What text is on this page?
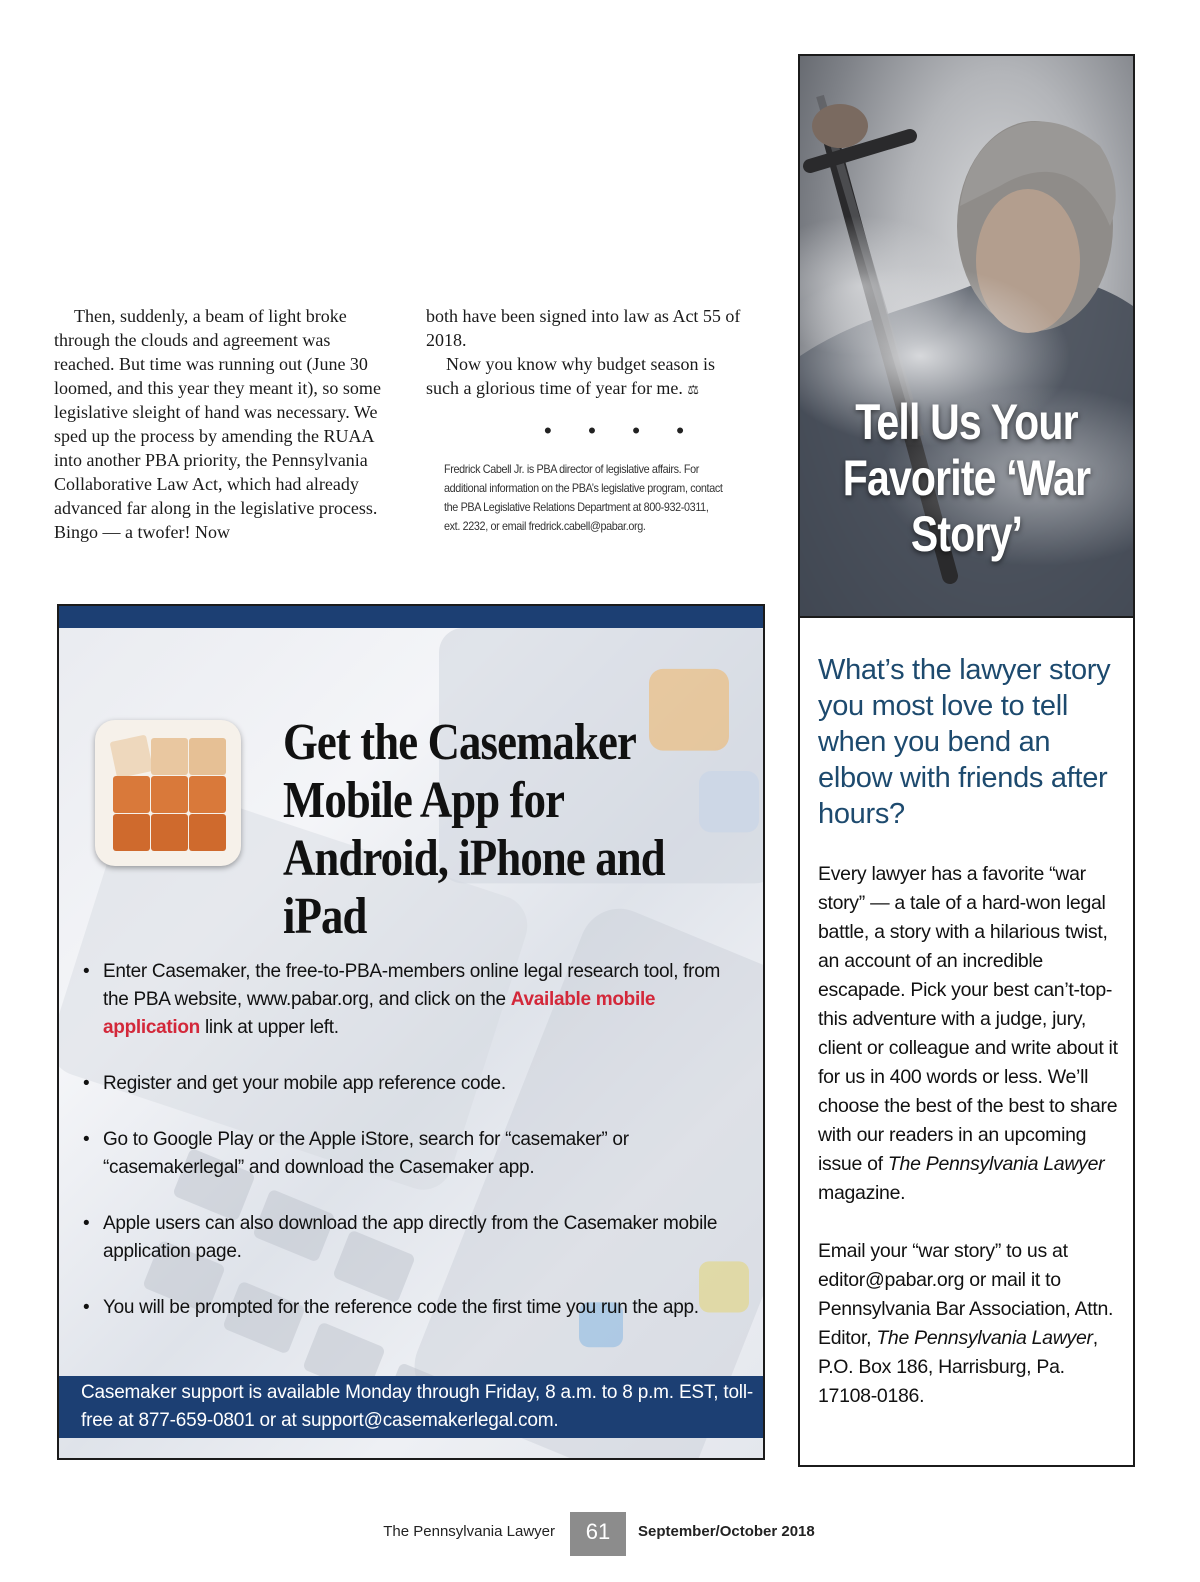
Then, suddenly, a beam of light broke through the clouds and agreement was reached. But time was running out (June 30 loomed, and this year they meant it), so some legislative sleight of hand was necessary. We sped up the process by amending the RUAA into another PBA priority, the Pennsylvania Collaborative Law Act, which had already advanced far along in the legislative process. Bingo — a twofer! Now

both have been signed into law as Act 55 of 2018.

Now you know why budget season is such a glorious time of year for me. ⚖

• • • •
Fredrick Cabell Jr. is PBA director of legislative affairs. For additional information on the PBA’s legislative program, contact the PBA Legislative Relations Department at 800-932-0311, ext. 2232, or email fredrick.cabell@pabar.org.
Get the Casemaker Mobile App for Android, iPhone and iPad
• Enter Casemaker, the free-to-PBA-members online legal research tool, from the PBA website, www.pabar.org, and click on the Available mobile application link at upper left.
• Register and get your mobile app reference code.
• Go to Google Play or the Apple iStore, search for “casemaker” or “casemakerlegal” and download the Casemaker app.
• Apple users can also download the app directly from the Casemaker mobile application page.
• You will be prompted for the reference code the first time you run the app.
Casemaker support is available Monday through Friday, 8 a.m. to 8 p.m. EST, toll-free at 877-659-0801 or at support@casemakerlegal.com.
Tell Us Your Favorite ‘War Story’
What’s the lawyer story you most love to tell when you bend an elbow with friends after hours?

Every lawyer has a favorite “war story” — a tale of a hard-won legal battle, a story with a hilarious twist, an account of an incredible escapade. Pick your best can’t-top-this adventure with a judge, jury, client or colleague and write about it for us in 400 words or less. We’ll choose the best of the best to share with our readers in an upcoming issue of The Pennsylvania Lawyer magazine.

Email your “war story” to us at editor@pabar.org or mail it to Pennsylvania Bar Association, Attn. Editor, The Pennsylvania Lawyer, P.O. Box 186, Harrisburg, Pa. 17108-0186.

The Pennsylvania Lawyer	61	September/October 2018
